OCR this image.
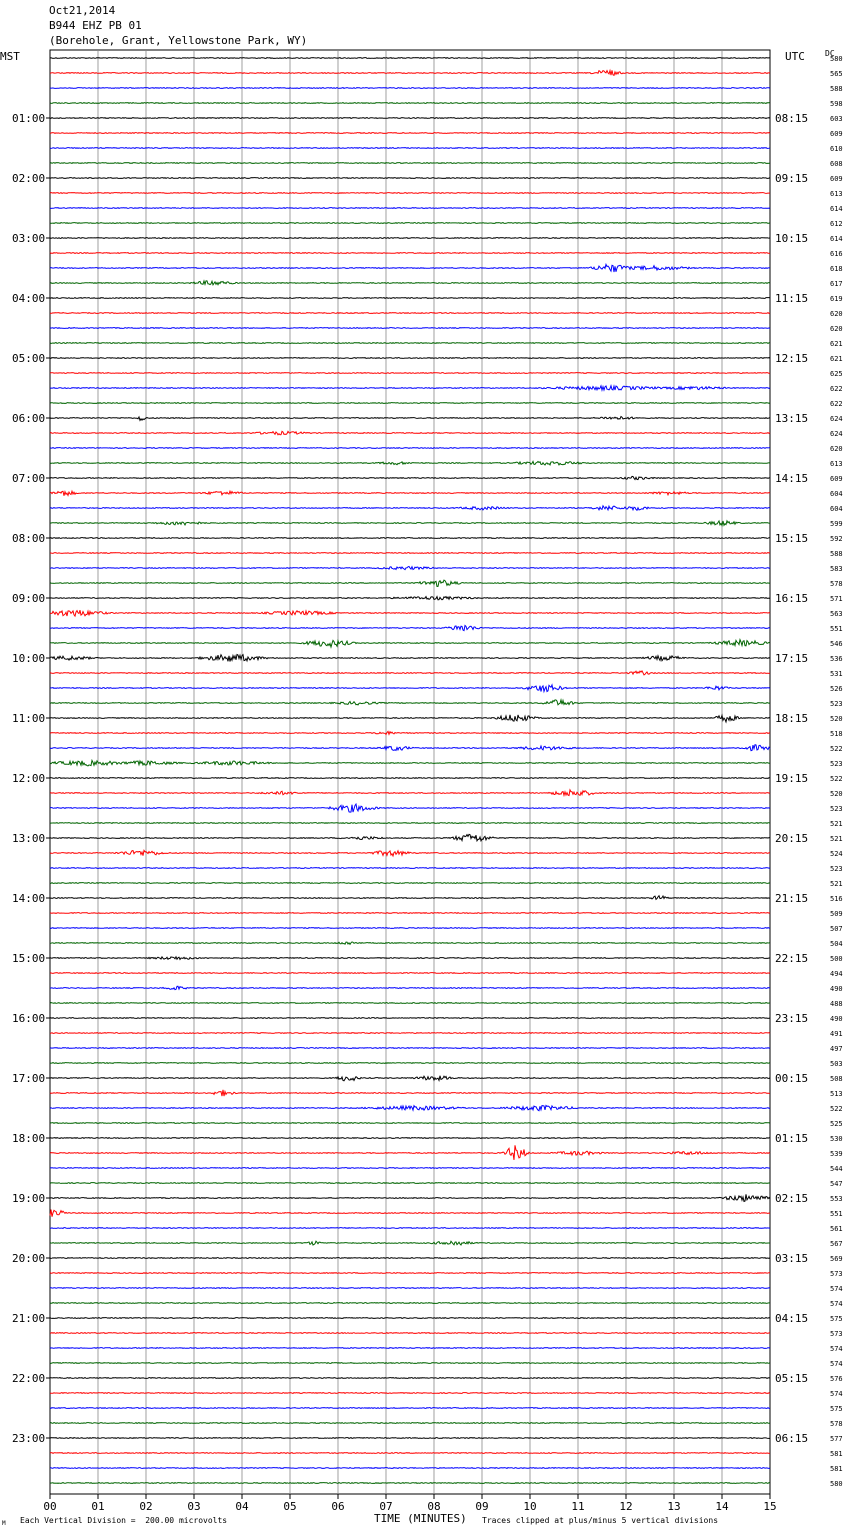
Oct21,2014
B944 EHZ PB 01
(Borehole, Grant, Yellowstone Park, WY)
MST	UTC	DC
00	01	02	03	04	05	06	07	08	09	10	11	12	13	14	15
580
565
588
598
603
609
610
608
609
613
614
612
614
616
618
617
619
620
620
621
621
625
622
622
624
624
620
613
609
604
604
599
592
588
583
578
571
563
551
546
536
531
526
523
520
518
522
523
522
520
523
521
521
524
523
521
516
509
507
504
500
494
490
488
490
491
497
503
508
513
522
525
530
539
544
547
553
551
561
567
569
573
574
574
575
573
574
574
576
574
575
578
577
581
581
580
01:00	08:15
02:00	09:15
03:00	10:15
04:00	11:15
05:00	12:15
06:00	13:15
07:00	14:15
08:00	15:15
09:00	16:15
10:00	17:15
11:00	18:15
12:00	19:15
13:00	20:15
14:00	21:15
15:00	22:15
16:00	23:15
17:00	00:15
18:00	01:15
19:00	02:15
20:00	03:15
21:00	04:15
22:00	05:15
23:00	06:15
M Each Vertical Division =  200.00 microvolts	TIME (MINUTES) Traces clipped at plus/minus 5 vertical divisions
